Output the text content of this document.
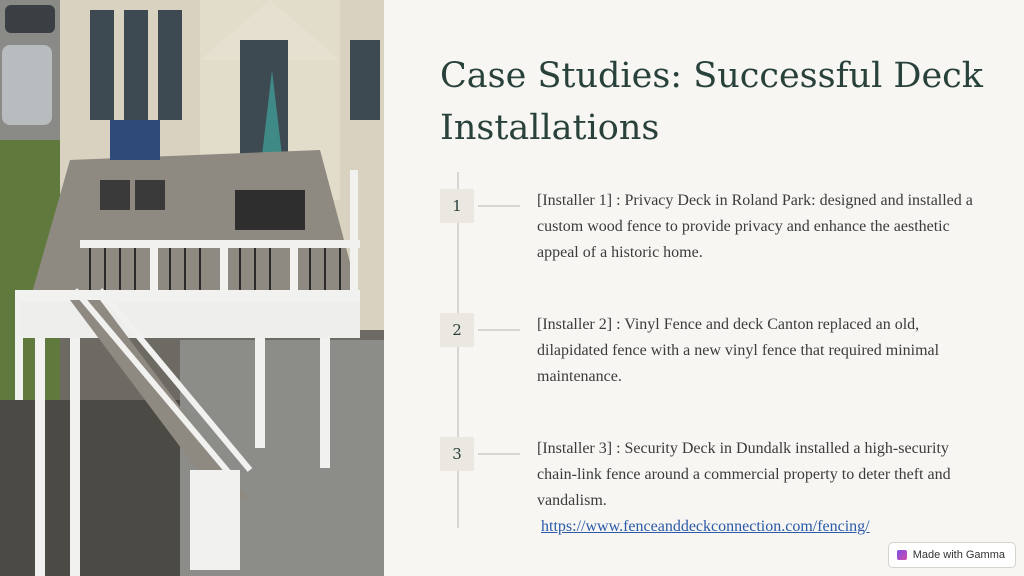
Case Studies: Successful Deck Installations
1	[Installer 1] : Privacy Deck in Roland Park: designed and installed a custom wood fence to provide privacy and enhance the aesthetic appeal of a historic home.
2	[Installer 2] : Vinyl Fence and deck Canton replaced an old, dilapidated fence with a new vinyl fence that required minimal maintenance.
3	[Installer 3] : Security Deck in Dundalk installed a high-security chain-link fence around a commercial property to deter theft and vandalism.
https://www.fenceanddeckconnection.com/fencing/
Made with Gamma
